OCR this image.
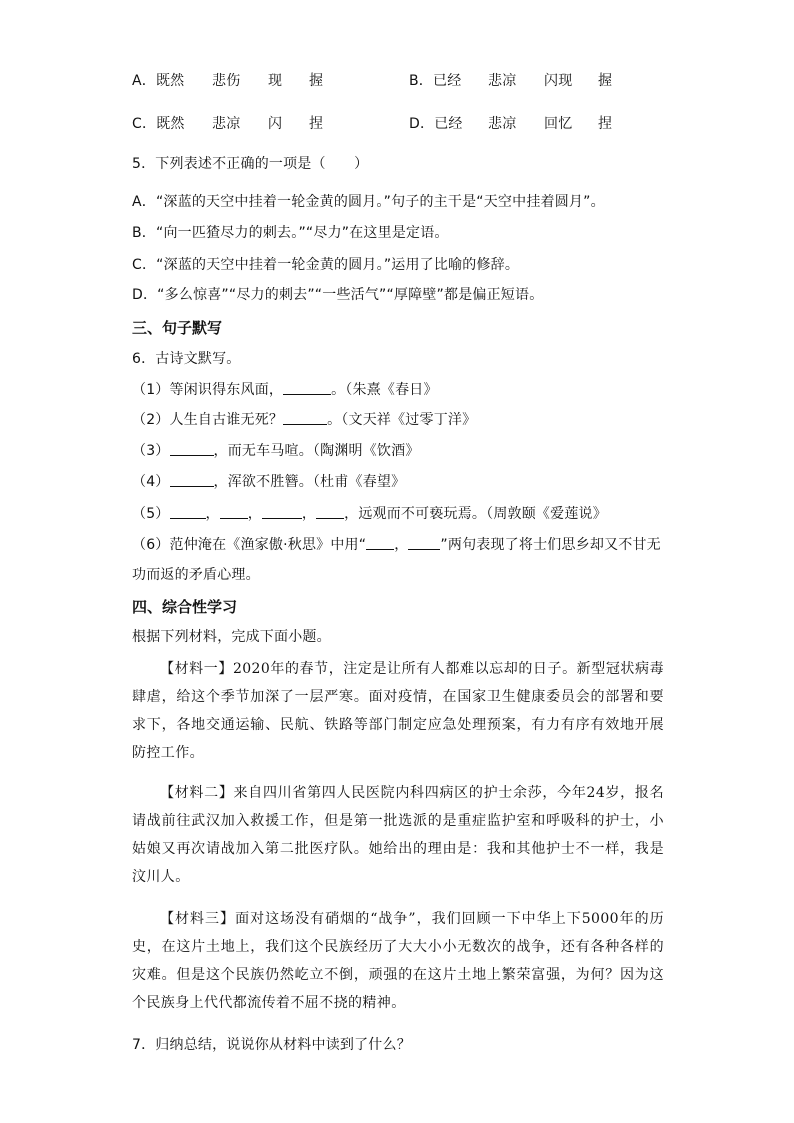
A．既然 悲伤 现 握	B．已经 悲凉 闪现 握
C．既然 悲凉 闪 捏	D．已经 悲凉 回忆 捏
5．下列表述不正确的一项是（　　）
A．“深蓝的天空中挂着一轮金黄的圆月。”句子的主干是“天空中挂着圆月”。
B．“向一匹猹尽力的刺去。”“尽力”在这里是定语。
C．“深蓝的天空中挂着一轮金黄的圆月。”运用了比喻的修辞。
D．“多么惊喜”“尽力的刺去”“一些活气”“厚障壁”都是偏正短语。
三、句子默写
6．古诗文默写。
（1）等闲识得东风面，	。（朱熹《春日》
（2）人生自古谁无死？	。（文天祥《过零丁洋》
（3）	，而无车马喧。（陶渊明《饮酒》
（4）	，浑欲不胜簪。（杜甫《春望》
（5）	， ，	， ，远观而不可亵玩焉。（周敦颐《爱莲说》
（6）范仲淹在《渔家傲·秋思》中用“ ， ”两句表现了将士们思乡却又不甘无
功而返的矛盾心理。
四、综合性学习
根据下列材料，完成下面小题。
【材料一】2020年的春节，注定是让所有人都难以忘却的日子。新型冠状病毒肆虐，给这个季节加深了一层严寒。面对疫情，在国家卫生健康委员会的部署和要求下，各地交通运输、民航、铁路等部门制定应急处理预案，有力有序有效地开展防控工作。
【材料二】来自四川省第四人民医院内科四病区的护士余莎，今年24岁，报名请战前往武汉加入救援工作，但是第一批选派的是重症监护室和呼吸科的护士，小姑娘又再次请战加入第二批医疗队。她给出的理由是：我和其他护士不一样，我是汶川人。
【材料三】面对这场没有硝烟的“战争”，我们回顾一下中华上下5000年的历史，在这片土地上，我们这个民族经历了大大小小无数次的战争，还有各种各样的灾难。但是这个民族仍然屹立不倒，顽强的在这片土地上繁荣富强，为何？因为这个民族身上代代都流传着不屈不挠的精神。
7．归纳总结，说说你从材料中读到了什么？
